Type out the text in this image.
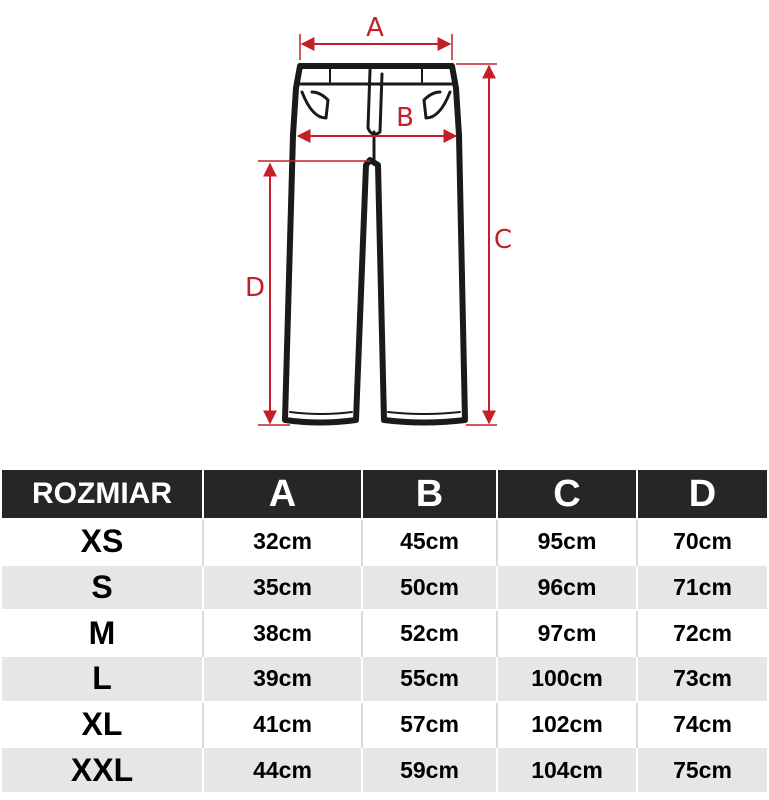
A
B
C
D
ROZMIAR	A	B	C	D
XS	32cm	45cm	95cm	70cm
S	35cm	50cm	96cm	71cm
M	38cm	52cm	97cm	72cm
L	39cm	55cm	100cm	73cm
XL	41cm	57cm	102cm	74cm
XXL	44cm	59cm	104cm	75cm
